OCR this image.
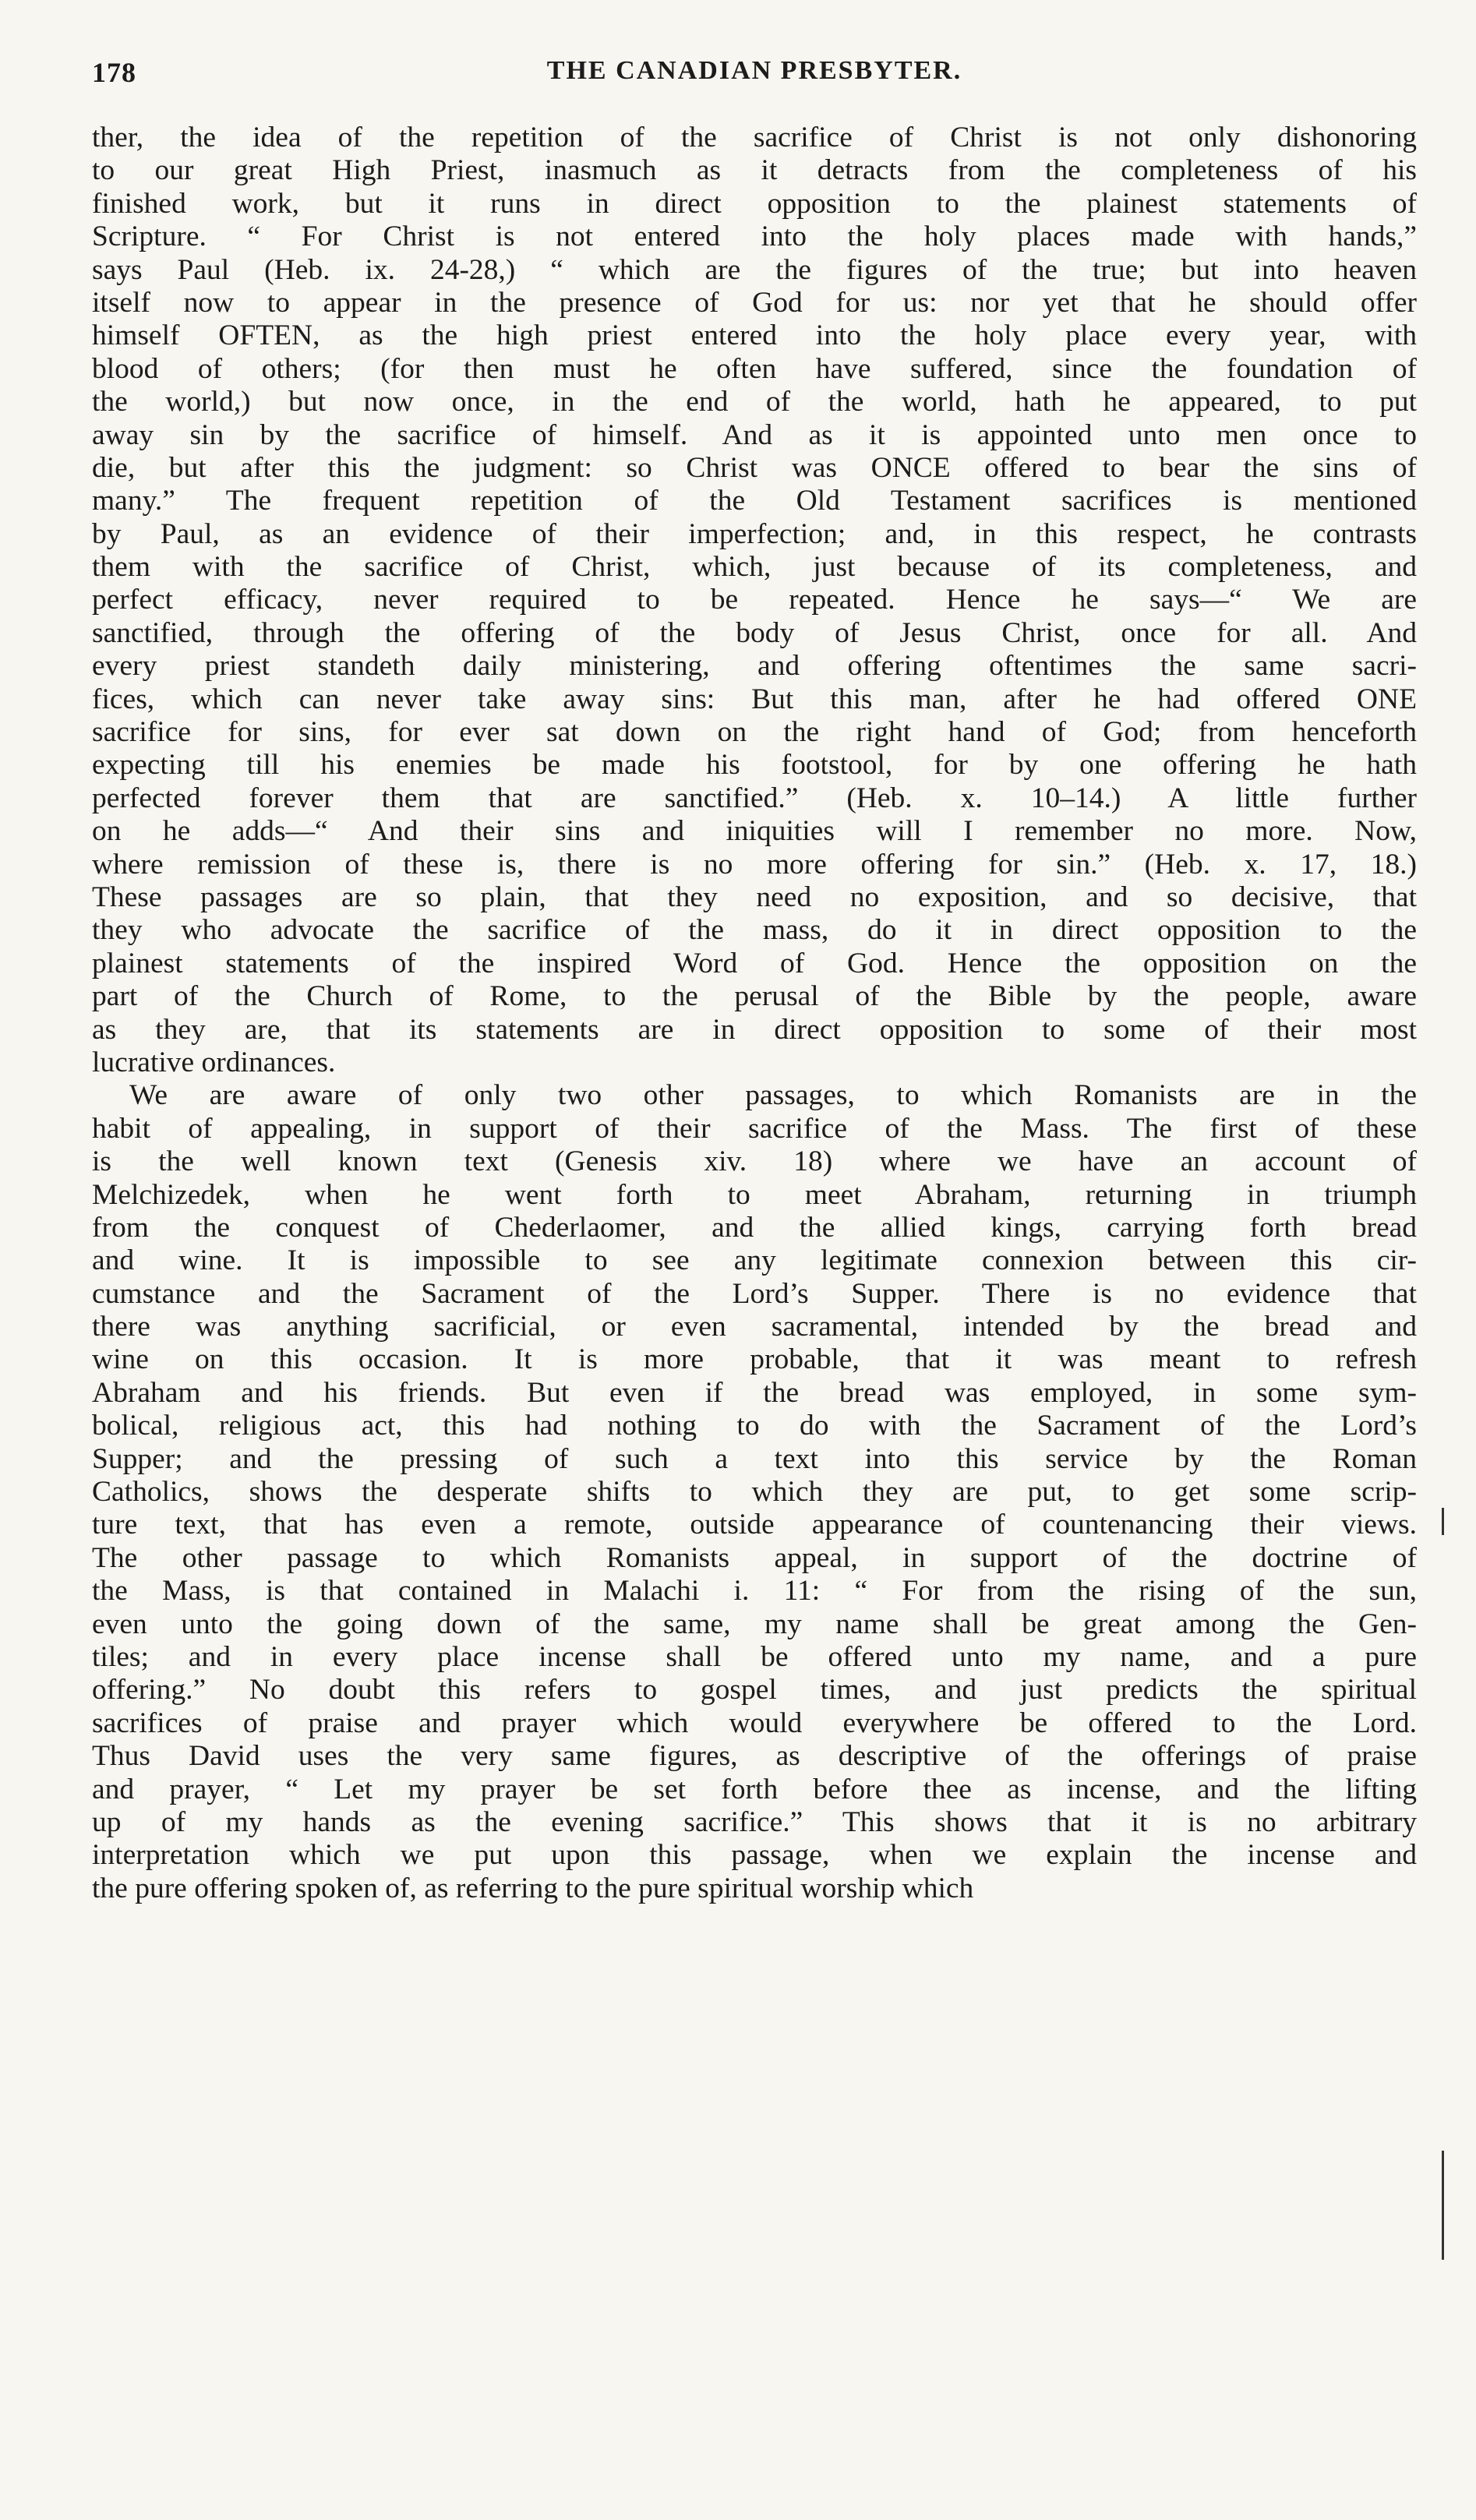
178	THE CANADIAN PRESBYTER.
ther, the idea of the repetition of the sacrifice of Christ is not only dishonoring
to our great High Priest, inasmuch as it detracts from the completeness of his
finished work, but it runs in direct opposition to the plainest statements of
Scripture. “ For Christ is not entered into the holy places made with hands,”
says Paul (Heb. ix. 24-28,) “ which are the figures of the true; but into heaven
itself now to appear in the presence of God for us: nor yet that he should offer
himself OFTEN, as the high priest entered into the holy place every year, with
blood of others; (for then must he often have suffered, since the foundation of
the world,) but now once, in the end of the world, hath he appeared, to put
away sin by the sacrifice of himself. And as it is appointed unto men once to
die, but after this the judgment: so Christ was ONCE offered to bear the sins of
many.” The frequent repetition of the Old Testament sacrifices is mentioned
by Paul, as an evidence of their imperfection; and, in this respect, he contrasts
them with the sacrifice of Christ, which, just because of its completeness, and
perfect efficacy, never required to be repeated. Hence he says—“ We are
sanctified, through the offering of the body of Jesus Christ, once for all. And
every priest standeth daily ministering, and offering oftentimes the same sacri-
fices, which can never take away sins: But this man, after he had offered ONE
sacrifice for sins, for ever sat down on the right hand of God; from henceforth
expecting till his enemies be made his footstool, for by one offering he hath
perfected forever them that are sanctified.” (Heb. x. 10–14.) A little further
on he adds—“ And their sins and iniquities will I remember no more. Now,
where remission of these is, there is no more offering for sin.” (Heb. x. 17, 18.)
These passages are so plain, that they need no exposition, and so decisive, that
they who advocate the sacrifice of the mass, do it in direct opposition to the
plainest statements of the inspired Word of God. Hence the opposition on the
part of the Church of Rome, to the perusal of the Bible by the people, aware
as they are, that its statements are in direct opposition to some of their most
lucrative ordinances.
We are aware of only two other passages, to which Romanists are in the
habit of appealing, in support of their sacrifice of the Mass. The first of these
is the well known text (Genesis xiv. 18) where we have an account of
Melchizedek, when he went forth to meet Abraham, returning in triumph
from the conquest of Chederlaomer, and the allied kings, carrying forth bread
and wine. It is impossible to see any legitimate connexion between this cir-
cumstance and the Sacrament of the Lord’s Supper. There is no evidence that
there was anything sacrificial, or even sacramental, intended by the bread and
wine on this occasion. It is more probable, that it was meant to refresh
Abraham and his friends. But even if the bread was employed, in some sym-
bolical, religious act, this had nothing to do with the Sacrament of the Lord’s
Supper; and the pressing of such a text into this service by the Roman
Catholics, shows the desperate shifts to which they are put, to get some scrip-
ture text, that has even a remote, outside appearance of countenancing their views.
The other passage to which Romanists appeal, in support of the doctrine of
the Mass, is that contained in Malachi i. 11: “ For from the rising of the sun,
even unto the going down of the same, my name shall be great among the Gen-
tiles; and in every place incense shall be offered unto my name, and a pure
offering.” No doubt this refers to gospel times, and just predicts the spiritual
sacrifices of praise and prayer which would everywhere be offered to the Lord.
Thus David uses the very same figures, as descriptive of the offerings of praise
and prayer, “ Let my prayer be set forth before thee as incense, and the lifting
up of my hands as the evening sacrifice.” This shows that it is no arbitrary
interpretation which we put upon this passage, when we explain the incense and
the pure offering spoken of, as referring to the pure spiritual worship which
